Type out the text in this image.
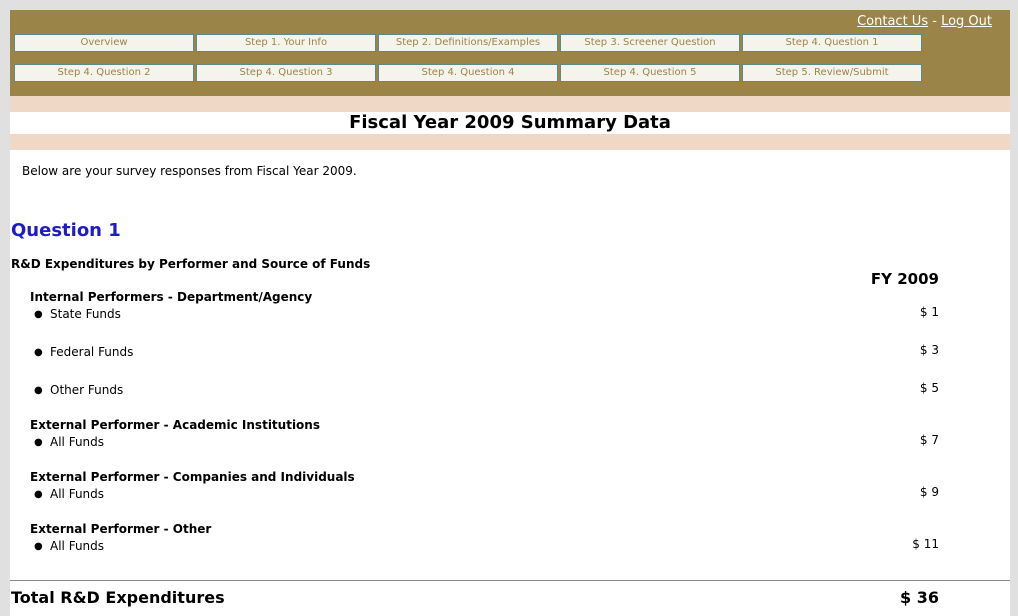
Contact Us - Log Out
Overview	Step 1. Your Info	Step 2. Definitions/Examples	Step 3. Screener Question	Step 4. Question 1
Step 4. Question 2	Step 4. Question 3	Step 4. Question 4	Step 4. Question 5	Step 5. Review/Submit
Fiscal Year 2009 Summary Data
Below are your survey responses from Fiscal Year 2009.
Question 1
R&D Expenditures by Performer and Source of Funds
FY 2009
Internal Performers - Department/Agency
● State Funds	$ 1
● Federal Funds	$ 3
● Other Funds	$ 5
External Performer - Academic Institutions
● All Funds	$ 7
External Performer - Companies and Individuals
● All Funds	$ 9
External Performer - Other
● All Funds	$ 11
Total R&D Expenditures	$ 36
